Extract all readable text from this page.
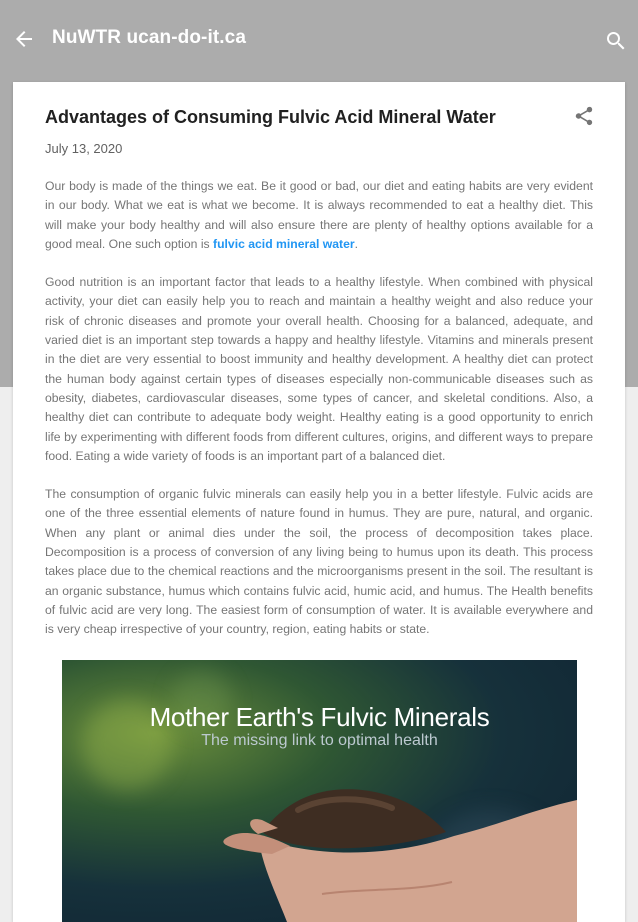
NuWTR ucan-do-it.ca
Advantages of Consuming Fulvic Acid Mineral Water
July 13, 2020

Our body is made of the things we eat. Be it good or bad, our diet and eating habits are very evident in our body. What we eat is what we become. It is always recommended to eat a healthy diet. This will make your body healthy and will also ensure there are plenty of healthy options available for a good meal. One such option is fulvic acid mineral water.

Good nutrition is an important factor that leads to a healthy lifestyle. When combined with physical activity, your diet can easily help you to reach and maintain a healthy weight and also reduce your risk of chronic diseases and promote your overall health. Choosing for a balanced, adequate, and varied diet is an important step towards a happy and healthy lifestyle. Vitamins and minerals present in the diet are very essential to boost immunity and healthy development. A healthy diet can protect the human body against certain types of diseases especially non-communicable diseases such as obesity, diabetes, cardiovascular diseases, some types of cancer, and skeletal conditions. Also, a healthy diet can contribute to adequate body weight. Healthy eating is a good opportunity to enrich life by experimenting with different foods from different cultures, origins, and different ways to prepare food. Eating a wide variety of foods is an important part of a balanced diet.

The consumption of organic fulvic minerals can easily help you in a better lifestyle. Fulvic acids are one of the three essential elements of nature found in humus. They are pure, natural, and organic. When any plant or animal dies under the soil, the process of decomposition takes place. Decomposition is a process of conversion of any living being to humus upon its death. This process takes place due to the chemical reactions and the microorganisms present in the soil. The resultant is an organic substance, humus which contains fulvic acid, humic acid, and humus. The Health benefits of fulvic acid are very long. The easiest form of consumption of water. It is available everywhere and is very cheap irrespective of your country, region, eating habits or state.

Mother Earth's Fulvic Minerals
The missing link to optimal health
